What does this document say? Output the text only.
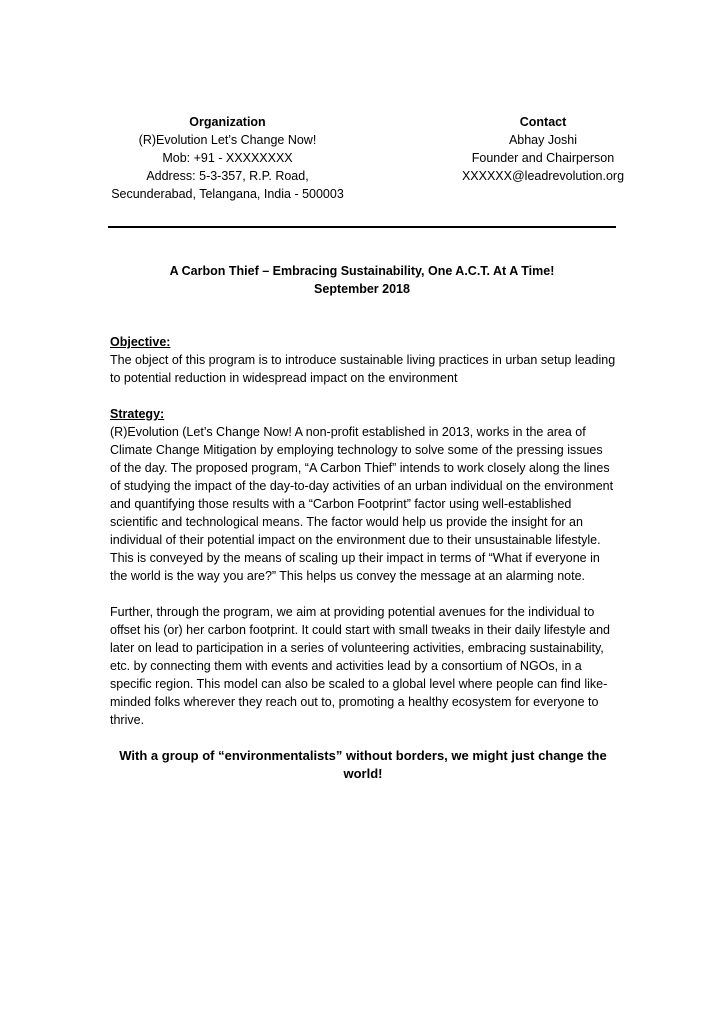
Organization
(R)Evolution Let’s Change Now!
Mob: +91 - XXXXXXXX
Address: 5-3-357, R.P. Road,
Secunderabad, Telangana, India - 500003
Contact
Abhay Joshi
Founder and Chairperson
XXXXXX@leadrevolution.org
A Carbon Thief – Embracing Sustainability, One A.C.T. At A Time!
September 2018
Objective:

The object of this program is to introduce sustainable living practices in urban setup leading to potential reduction in widespread impact on the environment

Strategy:

(R)Evolution (Let’s Change Now! A non-profit established in 2013, works in the area of Climate Change Mitigation by employing technology to solve some of the pressing issues of the day. The proposed program, “A Carbon Thief” intends to work closely along the lines of studying the impact of the day-to-day activities of an urban individual on the environment and quantifying those results with a “Carbon Footprint” factor using well-established scientific and technological means. The factor would help us provide the insight for an individual of their potential impact on the environment due to their unsustainable lifestyle. This is conveyed by the means of scaling up their impact in terms of “What if everyone in the world is the way you are?” This helps us convey the message at an alarming note.

Further, through the program, we aim at providing potential avenues for the individual to offset his (or) her carbon footprint. It could start with small tweaks in their daily lifestyle and later on lead to participation in a series of volunteering activities, embracing sustainability, etc. by connecting them with events and activities lead by a consortium of NGOs, in a specific region. This model can also be scaled to a global level where people can find like-minded folks wherever they reach out to, promoting a healthy ecosystem for everyone to thrive.

With a group of “environmentalists” without borders, we might just change the world!
